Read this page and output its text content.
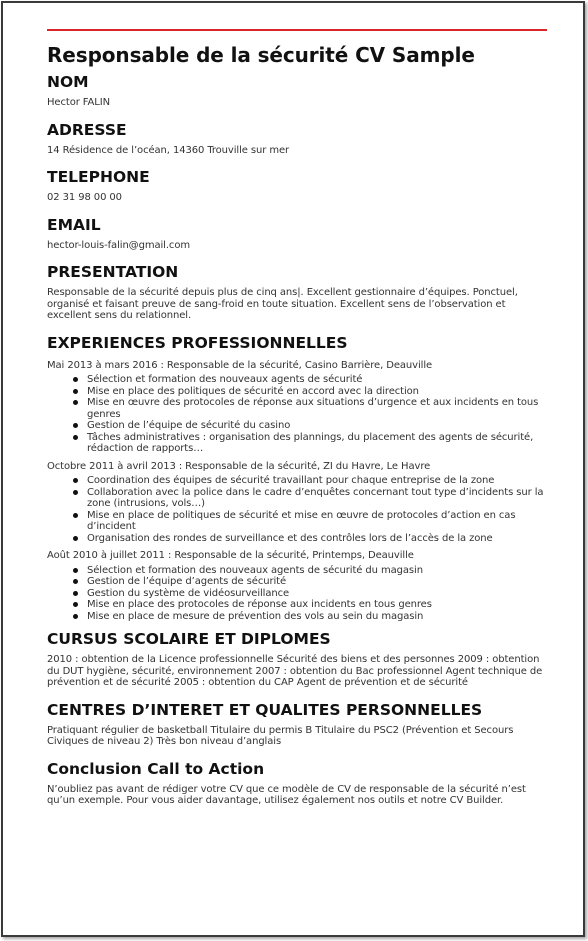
Responsable de la sécurité CV Sample
NOM
Hector FALIN
ADRESSE
14 Résidence de l’océan, 14360 Trouville sur mer
TELEPHONE
02 31 98 00 00
EMAIL
hector-louis-falin@gmail.com
PRESENTATION
Responsable de la sécurité depuis plus de cinq ans|. Excellent gestionnaire d’équipes. Ponctuel, organisé et faisant preuve de sang-froid en toute situation. Excellent sens de l’observation et excellent sens du relationnel.
EXPERIENCES PROFESSIONNELLES
Mai 2013 à mars 2016 : Responsable de la sécurité, Casino Barrière, Deauville
Sélection et formation des nouveaux agents de sécurité
Mise en place des politiques de sécurité en accord avec la direction
Mise en œuvre des protocoles de réponse aux situations d’urgence et aux incidents en tous genres
Gestion de l’équipe de sécurité du casino
Tâches administratives : organisation des plannings, du placement des agents de sécurité, rédaction de rapports…
Octobre 2011 à avril 2013 : Responsable de la sécurité, ZI du Havre, Le Havre
Coordination des équipes de sécurité travaillant pour chaque entreprise de la zone
Collaboration avec la police dans le cadre d’enquêtes concernant tout type d’incidents sur la zone (intrusions, vols…)
Mise en place de politiques de sécurité et mise en œuvre de protocoles d’action en cas d’incident
Organisation des rondes de surveillance et des contrôles lors de l’accès de la zone
Août 2010 à juillet 2011 : Responsable de la sécurité, Printemps, Deauville
Sélection et formation des nouveaux agents de sécurité du magasin
Gestion de l’équipe d’agents de sécurité
Gestion du système de vidéosurveillance
Mise en place des protocoles de réponse aux incidents en tous genres
Mise en place de mesure de prévention des vols au sein du magasin
CURSUS SCOLAIRE ET DIPLOMES
2010 : obtention de la Licence professionnelle Sécurité des biens et des personnes 2009 : obtention du DUT hygiène, sécurité, environnement 2007 : obtention du Bac professionnel Agent technique de prévention et de sécurité 2005 : obtention du CAP Agent de prévention et de sécurité
CENTRES D’INTERET ET QUALITES PERSONNELLES
Pratiquant régulier de basketball Titulaire du permis B Titulaire du PSC2 (Prévention et Secours Civiques de niveau 2) Très bon niveau d’anglais
Conclusion Call to Action
N’oubliez pas avant de rédiger votre CV que ce modèle de CV de responsable de la sécurité n’est qu’un exemple. Pour vous aider davantage, utilisez également nos outils et notre CV Builder.
